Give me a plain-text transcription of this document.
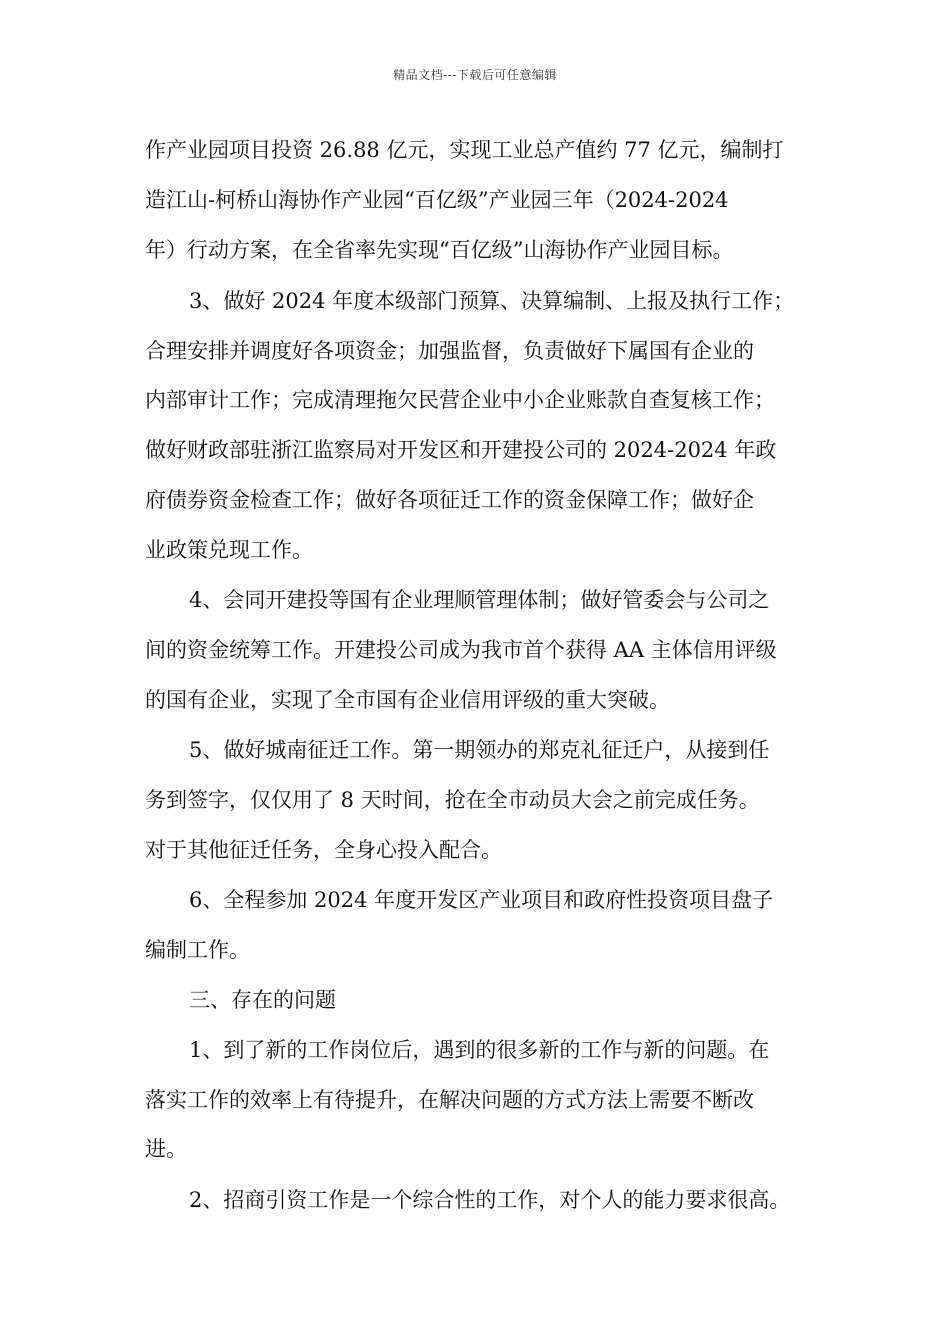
精品文档---下载后可任意编辑
作产业园项目投资 26.88 亿元，实现工业总产值约 77 亿元，编制打
造江山-柯桥山海协作产业园“百亿级”产业园三年（2024-2024
年）行动方案，在全省率先实现“百亿级”山海协作产业园目标。
3、做好 2024 年度本级部门预算、决算编制、上报及执行工作；
合理安排并调度好各项资金；加强监督，负责做好下属国有企业的
内部审计工作；完成清理拖欠民营企业中小企业账款自查复核工作；
做好财政部驻浙江监察局对开发区和开建投公司的 2024-2024 年政
府债券资金检查工作；做好各项征迁工作的资金保障工作；做好企
业政策兑现工作。
4、会同开建投等国有企业理顺管理体制；做好管委会与公司之
间的资金统筹工作。开建投公司成为我市首个获得 AA 主体信用评级
的国有企业，实现了全市国有企业信用评级的重大突破。
5、做好城南征迁工作。第一期领办的郑克礼征迁户，从接到任
务到签字，仅仅用了 8 天时间，抢在全市动员大会之前完成任务。
对于其他征迁任务，全身心投入配合。
6、全程参加 2024 年度开发区产业项目和政府性投资项目盘子
编制工作。
三、存在的问题
1、到了新的工作岗位后，遇到的很多新的工作与新的问题。在
落实工作的效率上有待提升，在解决问题的方式方法上需要不断改
进。
2、招商引资工作是一个综合性的工作，对个人的能力要求很高。
